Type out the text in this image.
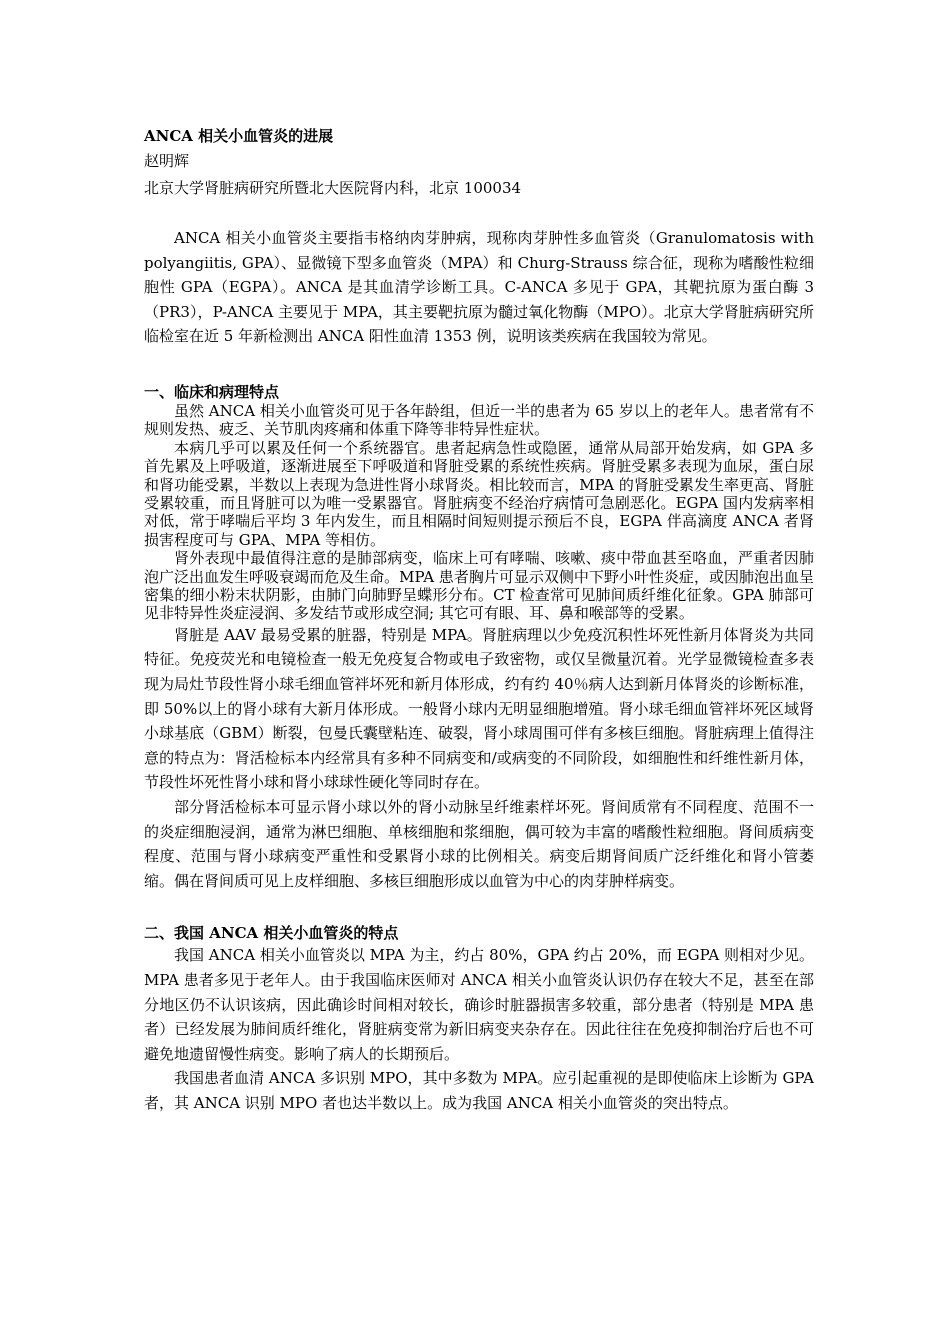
ANCA 相关小血管炎的进展

赵明辉

北京大学肾脏病研究所暨北大医院肾内科，北京 100034

ANCA 相关小血管炎主要指韦格纳肉芽肿病，现称肉芽肿性多血管炎（Granulomatosis with polyangiitis, GPA）、显微镜下型多血管炎（MPA）和 Churg-Strauss 综合征，现称为嗜酸性粒细胞性 GPA（EGPA）。ANCA 是其血清学诊断工具。C-ANCA 多见于 GPA，其靶抗原为蛋白酶 3（PR3），P-ANCA 主要见于 MPA，其主要靶抗原为髓过氧化物酶（MPO）。北京大学肾脏病研究所临检室在近 5 年新检测出 ANCA 阳性血清 1353 例，说明该类疾病在我国较为常见。

一、临床和病理特点

虽然 ANCA 相关小血管炎可见于各年龄组，但近一半的患者为 65 岁以上的老年人。患者常有不规则发热、疲乏、关节肌肉疼痛和体重下降等非特异性症状。

本病几乎可以累及任何一个系统器官。患者起病急性或隐匿，通常从局部开始发病，如 GPA 多首先累及上呼吸道，逐渐进展至下呼吸道和肾脏受累的系统性疾病。肾脏受累多表现为血尿，蛋白尿和肾功能受累，半数以上表现为急进性肾小球肾炎。相比较而言，MPA 的肾脏受累发生率更高、肾脏受累较重，而且肾脏可以为唯一受累器官。肾脏病变不经治疗病情可急剧恶化。EGPA 国内发病率相对低，常于哮喘后平均 3 年内发生，而且相隔时间短则提示预后不良，EGPA 伴高滴度 ANCA 者肾损害程度可与 GPA、MPA 等相仿。

肾外表现中最值得注意的是肺部病变，临床上可有哮喘、咳嗽、痰中带血甚至咯血，严重者因肺泡广泛出血发生呼吸衰竭而危及生命。MPA 患者胸片可显示双侧中下野小叶性炎症，或因肺泡出血呈密集的细小粉末状阴影，由肺门向肺野呈蝶形分布。CT 检查常可见肺间质纤维化征象。GPA 肺部可见非特异性炎症浸润、多发结节或形成空洞; 其它可有眼、耳、鼻和喉部等的受累。

肾脏是 AAV 最易受累的脏器，特别是 MPA。肾脏病理以少免疫沉积性坏死性新月体肾炎为共同特征。免疫荧光和电镜检查一般无免疫复合物或电子致密物，或仅呈微量沉着。光学显微镜检查多表现为局灶节段性肾小球毛细血管袢坏死和新月体形成，约有约 40％病人达到新月体肾炎的诊断标准，即 50%以上的肾小球有大新月体形成。一般肾小球内无明显细胞增殖。肾小球毛细血管袢坏死区域肾小球基底（GBM）断裂，包曼氏囊壁粘连、破裂，肾小球周围可伴有多核巨细胞。肾脏病理上值得注意的特点为：肾活检标本内经常具有多种不同病变和/或病变的不同阶段，如细胞性和纤维性新月体，节段性坏死性肾小球和肾小球球性硬化等同时存在。

部分肾活检标本可显示肾小球以外的肾小动脉呈纤维素样坏死。肾间质常有不同程度、范围不一的炎症细胞浸润，通常为淋巴细胞、单核细胞和浆细胞，偶可较为丰富的嗜酸性粒细胞。肾间质病变程度、范围与肾小球病变严重性和受累肾小球的比例相关。病变后期肾间质广泛纤维化和肾小管萎缩。偶在肾间质可见上皮样细胞、多核巨细胞形成以血管为中心的肉芽肿样病变。

二、我国 ANCA 相关小血管炎的特点

我国 ANCA 相关小血管炎以 MPA 为主，约占 80%，GPA 约占 20%，而 EGPA 则相对少见。MPA 患者多见于老年人。由于我国临床医师对 ANCA 相关小血管炎认识仍存在较大不足，甚至在部分地区仍不认识该病，因此确诊时间相对较长，确诊时脏器损害多较重，部分患者（特别是 MPA 患者）已经发展为肺间质纤维化，肾脏病变常为新旧病变夹杂存在。因此往往在免疫抑制治疗后也不可避免地遗留慢性病变。影响了病人的长期预后。

我国患者血清 ANCA 多识别 MPO，其中多数为 MPA。应引起重视的是即使临床上诊断为 GPA 者，其 ANCA 识别 MPO 者也达半数以上。成为我国 ANCA 相关小血管炎的突出特点。
